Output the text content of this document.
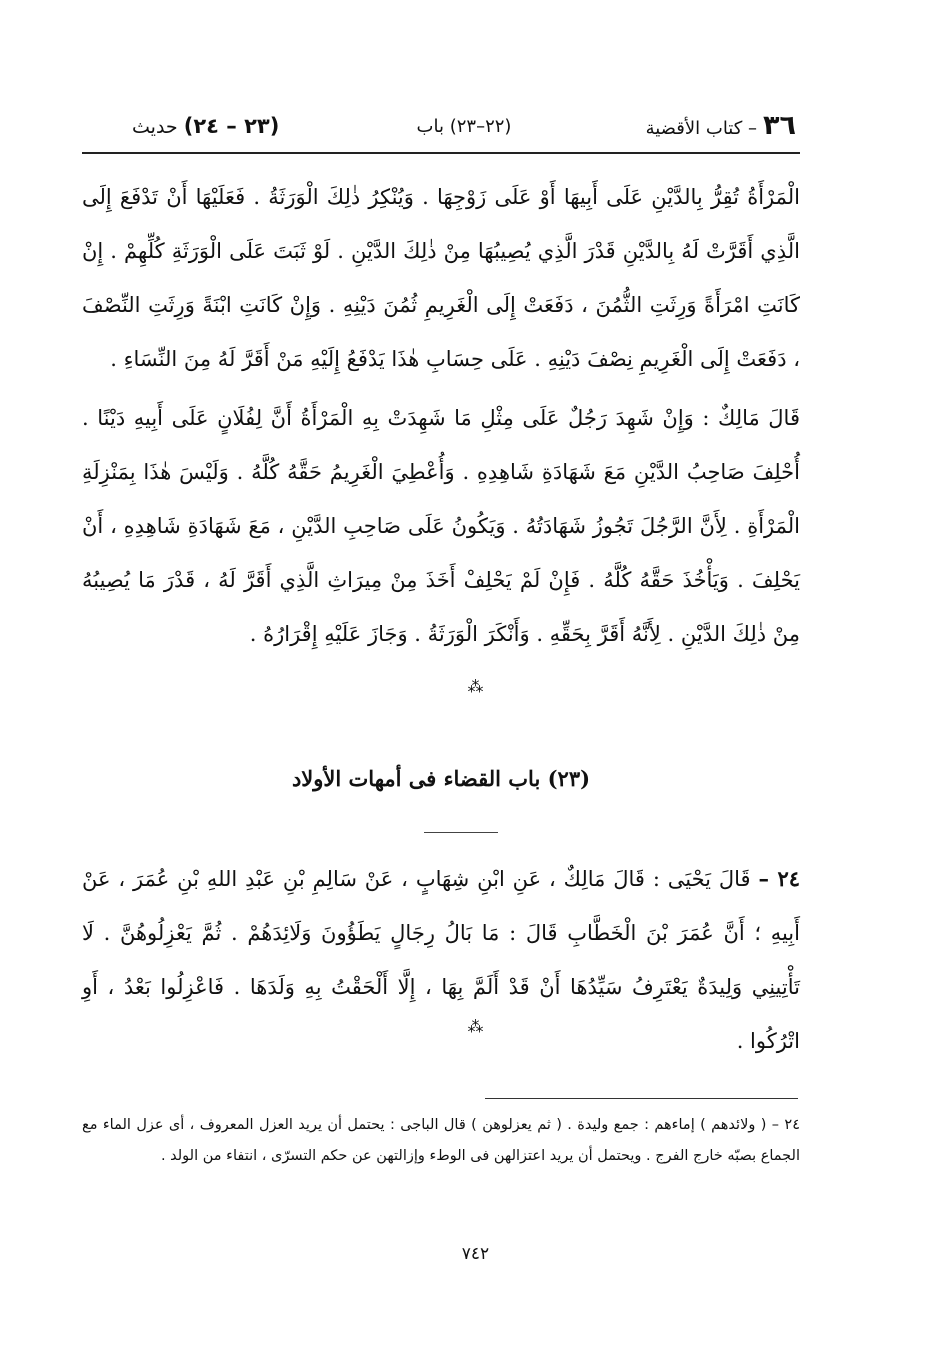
٣٦
– كتاب الأقضية
(٢٢–٢٣) باب
(٢٣ – ٢٤) حديث
الْمَرْأَةُ تُقِرُّ بِالدَّيْنِ عَلَى أَبِيهَا أَوْ عَلَى زَوْجِهَا . وَيُنْكِرُ ذٰلِكَ الْوَرَثَةُ . فَعَلَيْهَا أَنْ تَدْفَعَ إِلَى الَّذِي أَقَرَّتْ لَهُ بِالدَّيْنِ قَدْرَ الَّذِي يُصِيبُهَا مِنْ ذٰلِكَ الدَّيْنِ . لَوْ ثَبَتَ عَلَى الْوَرَثَةِ كُلِّهِمْ . إِنْ كَانَتِ امْرَأَةً وَرِثَتِ الثُّمُنَ ، دَفَعَتْ إِلَى الْغَرِيمِ ثُمُنَ دَيْنِهِ . وَإِنْ كَانَتِ ابْنَةً وَرِثَتِ النِّصْفَ ، دَفَعَتْ إِلَى الْغَرِيمِ نِصْفَ دَيْنِهِ . عَلَى حِسَابِ هٰذَا يَدْفَعُ إِلَيْهِ مَنْ أَقَرَّ لَهُ مِنَ النِّسَاءِ .
قَالَ مَالِكٌ : وَإِنْ شَهِدَ رَجُلٌ عَلَى مِثْلِ مَا شَهِدَتْ بِهِ الْمَرْأَةُ أَنَّ لِفُلَانٍ عَلَى أَبِيهِ دَيْنًا . أُحْلِفَ صَاحِبُ الدَّيْنِ مَعَ شَهَادَةِ شَاهِدِهِ . وَأُعْطِيَ الْغَرِيمُ حَقَّهُ كُلَّهُ . وَلَيْسَ هٰذَا بِمَنْزِلَةِ الْمَرْأَةِ . لِأَنَّ الرَّجُلَ تَجُوزُ شَهَادَتُهُ . وَيَكُونُ عَلَى صَاحِبِ الدَّيْنِ ، مَعَ شَهَادَةِ شَاهِدِهِ ، أَنْ يَحْلِفَ . وَيَأْخُذَ حَقَّهُ كُلَّهُ . فَإِنْ لَمْ يَحْلِفْ أَخَذَ مِنْ مِيرَاثِ الَّذِي أَقَرَّ لَهُ ، قَدْرَ مَا يُصِيبُهُ مِنْ ذٰلِكَ الدَّيْنِ . لِأَنَّهُ أَقَرَّ بِحَقِّهِ . وَأَنْكَرَ الْوَرَثَةُ . وَجَازَ عَلَيْهِ إِقْرَارُهُ .
⁂
(٢٣) باب القضاء فى أمهات الأولاد
٢٤ – قَالَ يَحْيَى : قَالَ مَالِكٌ ، عَنِ ابْنِ شِهَابٍ ، عَنْ سَالِمِ بْنِ عَبْدِ اللهِ بْنِ عُمَرَ ، عَنْ أَبِيهِ ؛ أَنَّ عُمَرَ بْنَ الْخَطَّابِ قَالَ : مَا بَالُ رِجَالٍ يَطَؤُونَ وَلَائِدَهُمْ . ثُمَّ يَعْزِلُوهُنَّ . لَا تَأْتِينِي وَلِيدَةٌ يَعْتَرِفُ سَيِّدُهَا أَنْ قَدْ أَلَمَّ بِهَا ، إِلَّا أَلْحَقْتُ بِهِ وَلَدَهَا . فَاعْزِلُوا بَعْدُ ، أَوِ اتْرُكُوا .
⁂
٢٤ – ( ولائدهم ) إماءهم : جمع وليدة . ( ثم يعزلوهن ) قال الباجى : يحتمل أن يريد العزل المعروف ، أى عزل الماء مع الجماع بصبّه خارج الفرج . ويحتمل أن يريد اعتزالهن فى الوطء وإزالتهن عن حكم التسرّى ، انتفاء من الولد .
٧٤٢
